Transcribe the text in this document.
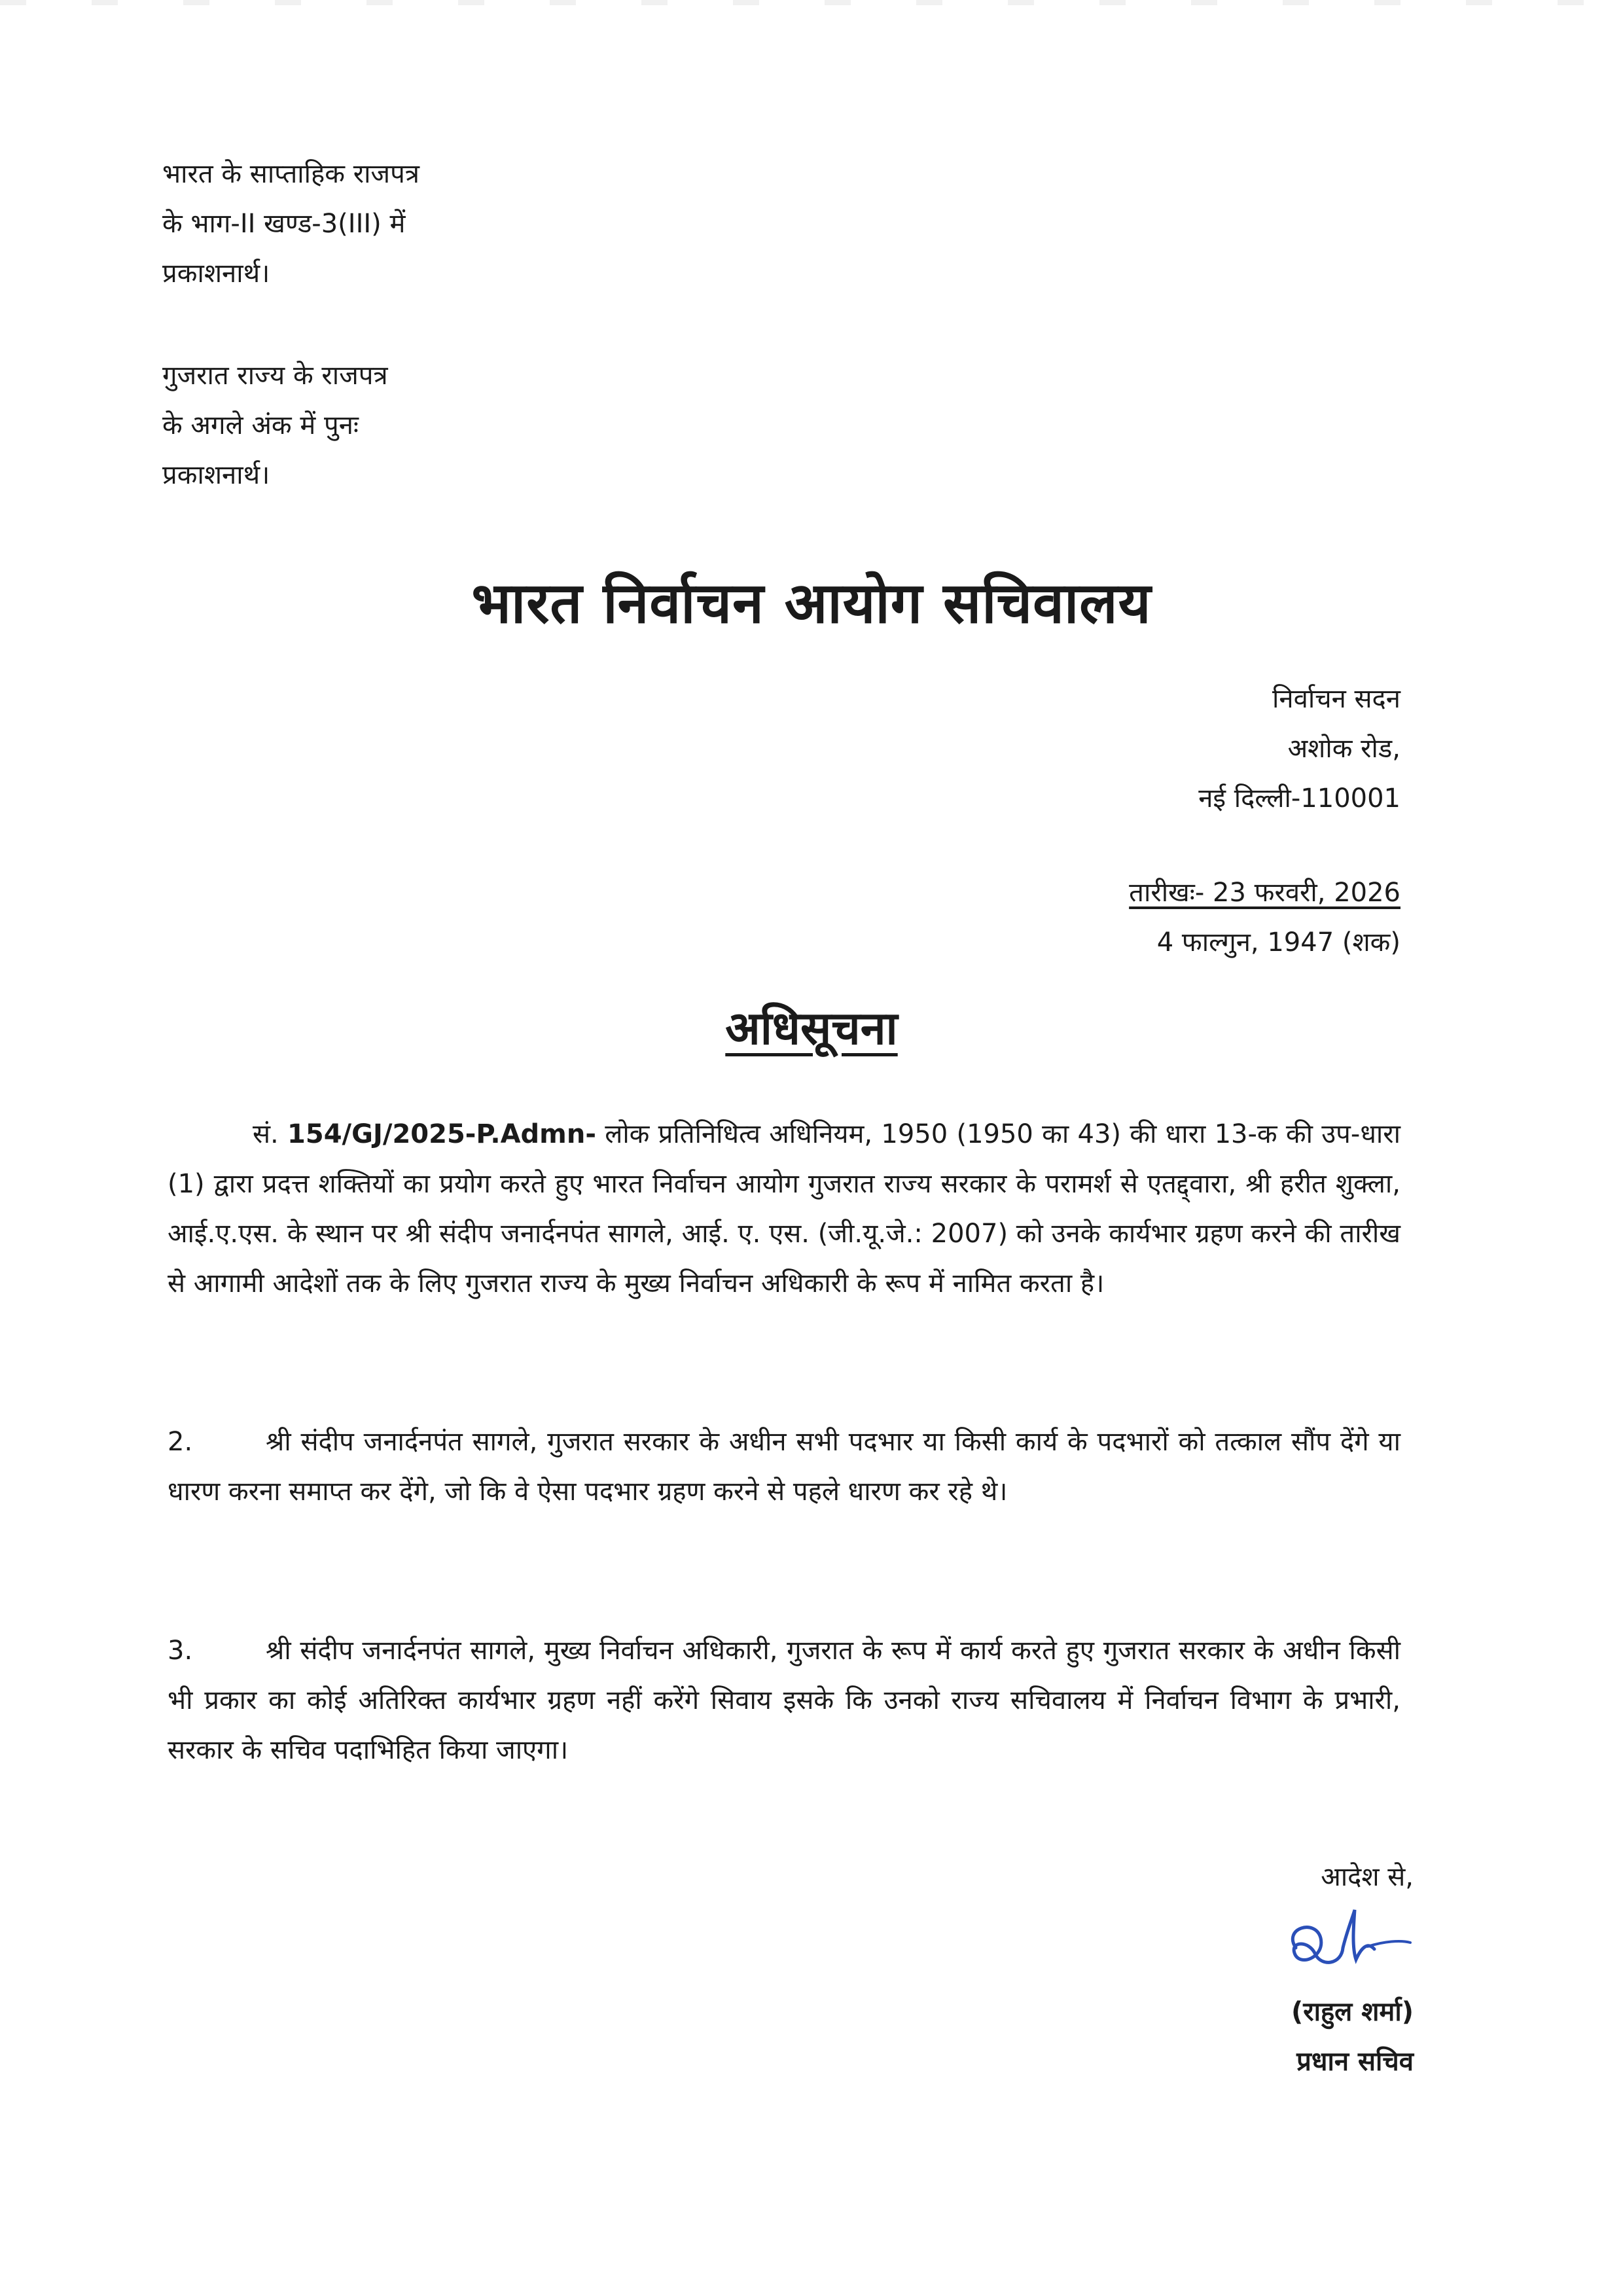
भारत के साप्ताहिक राजपत्र
के भाग-II खण्ड-3(III) में
प्रकाशनार्थ।
गुजरात राज्य के राजपत्र
के अगले अंक में पुनः
प्रकाशनार्थ।
भारत निर्वाचन आयोग सचिवालय
निर्वाचन सदन
अशोक रोड,
नई दिल्ली-110001
तारीखः- 23 फरवरी, 2026
4 फाल्गुन, 1947 (शक)
अधिसूचना
सं. 154/GJ/2025-P.Admn- लोक प्रतिनिधित्व अधिनियम, 1950 (1950 का 43) की धारा 13-क की उप-धारा (1) द्वारा प्रदत्त शक्तियों का प्रयोग करते हुए भारत निर्वाचन आयोग गुजरात राज्य सरकार के परामर्श से एतद्द्वारा, श्री हरीत शुक्ला, आई.ए.एस. के स्थान पर श्री संदीप जनार्दनपंत सागले, आई. ए. एस. (जी.यू.जे.: 2007) को उनके कार्यभार ग्रहण करने की तारीख से आगामी आदेशों तक के लिए गुजरात राज्य के मुख्य निर्वाचन अधिकारी के रूप में नामित करता है।
2.	श्री संदीप जनार्दनपंत सागले, गुजरात सरकार के अधीन सभी पदभार या किसी कार्य के पदभारों को तत्काल सौंप देंगे या धारण करना समाप्त कर देंगे, जो कि वे ऐसा पदभार ग्रहण करने से पहले धारण कर रहे थे।
3.	श्री संदीप जनार्दनपंत सागले, मुख्य निर्वाचन अधिकारी, गुजरात के रूप में कार्य करते हुए गुजरात सरकार के अधीन किसी भी प्रकार का कोई अतिरिक्त कार्यभार ग्रहण नहीं करेंगे सिवाय इसके कि उनको राज्य सचिवालय में निर्वाचन विभाग के प्रभारी, सरकार के सचिव पदाभिहित किया जाएगा।
आदेश से,
(राहुल शर्मा)
प्रधान सचिव
